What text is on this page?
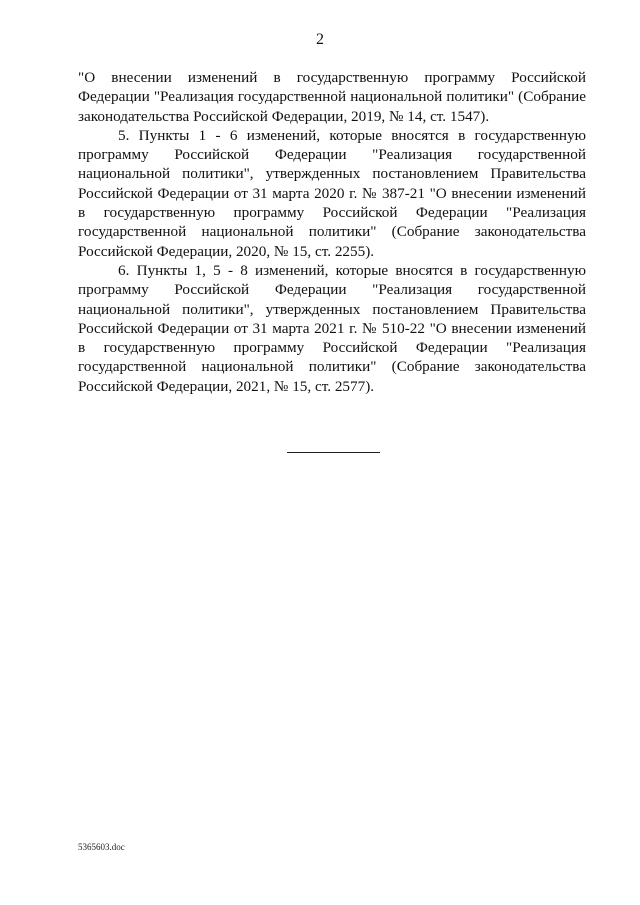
2

"О внесении изменений в государственную программу Российской Федерации "Реализация государственной национальной политики" (Собрание законодательства Российской Федерации, 2019, № 14, ст. 1547).

5. Пункты 1 - 6 изменений, которые вносятся в государственную программу Российской Федерации "Реализация государственной национальной политики", утвержденных постановлением Правительства Российской Федерации от 31 марта 2020 г. № 387-21 "О внесении изменений в государственную программу Российской Федерации "Реализация государственной национальной политики" (Собрание законодательства Российской Федерации, 2020, № 15, ст. 2255).

6. Пункты 1, 5 - 8 изменений, которые вносятся в государственную программу Российской Федерации "Реализация государственной национальной политики", утвержденных постановлением Правительства Российской Федерации от 31 марта 2021 г. № 510-22 "О внесении изменений в государственную программу Российской Федерации "Реализация государственной национальной политики" (Собрание законодательства Российской Федерации, 2021, № 15, ст. 2577).

5365603.doc
